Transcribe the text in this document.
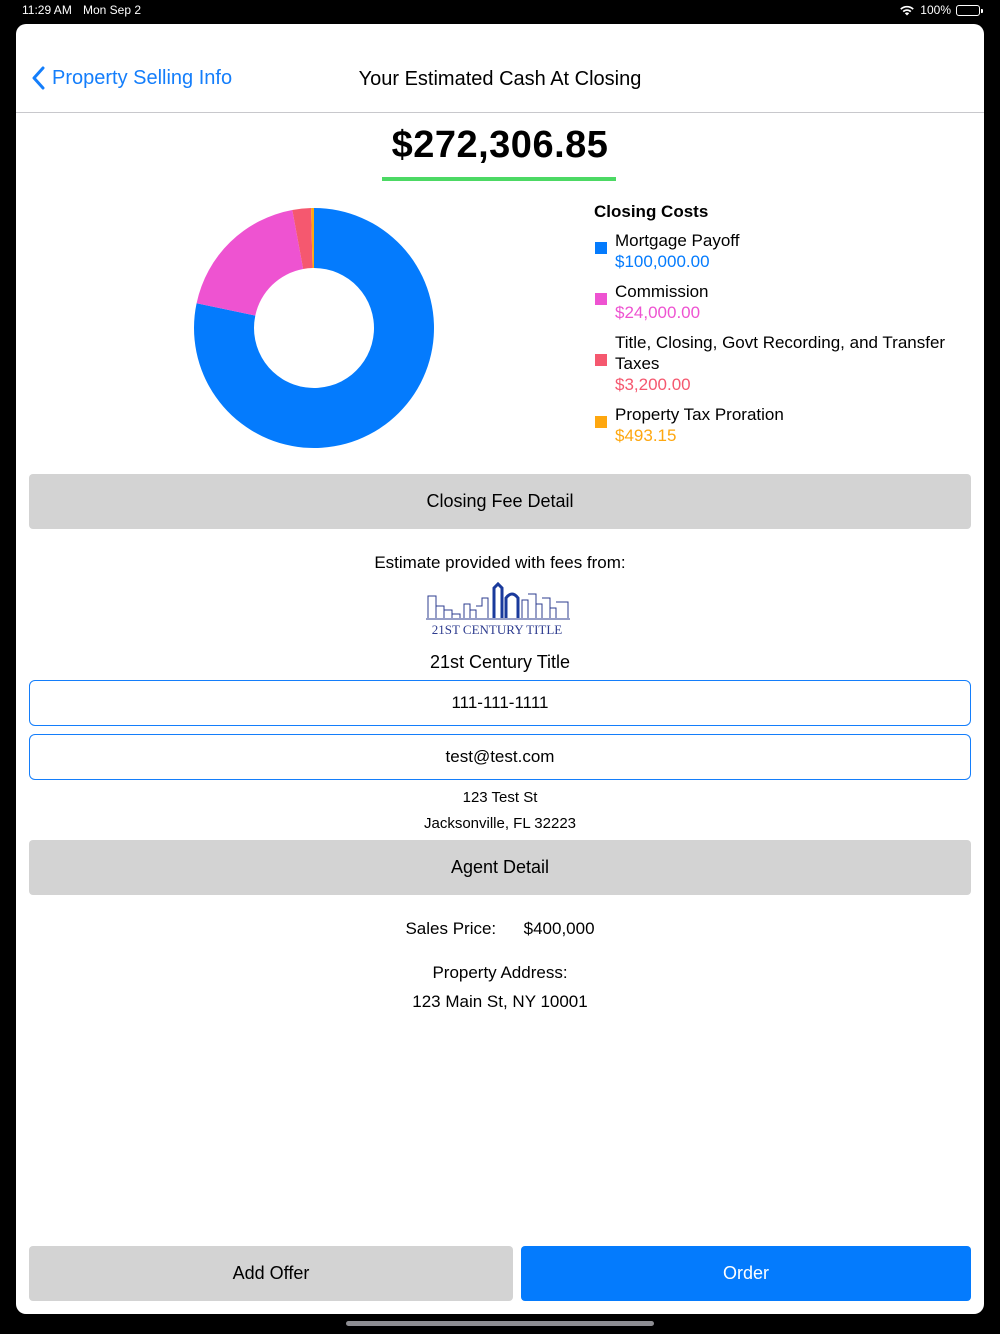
11:29 AM Mon Sep 2	100%
Property Selling Info	Your Estimated Cash At Closing
$272,306.85
Closing Costs
Mortgage Payoff
$100,000.00
Commission
$24,000.00
Title, Closing, Govt Recording, and Transfer Taxes
$3,200.00
Property Tax Proration
$493.15
Closing Fee Detail
Estimate provided with fees from:
21ST CENTURY TITLE
21st Century Title
111-111-1111
test@test.com
123 Test St
Jacksonville, FL 32223
Agent Detail
Sales Price: $400,000
Property Address:
123 Main St, NY 10001
Add Offer	Order
